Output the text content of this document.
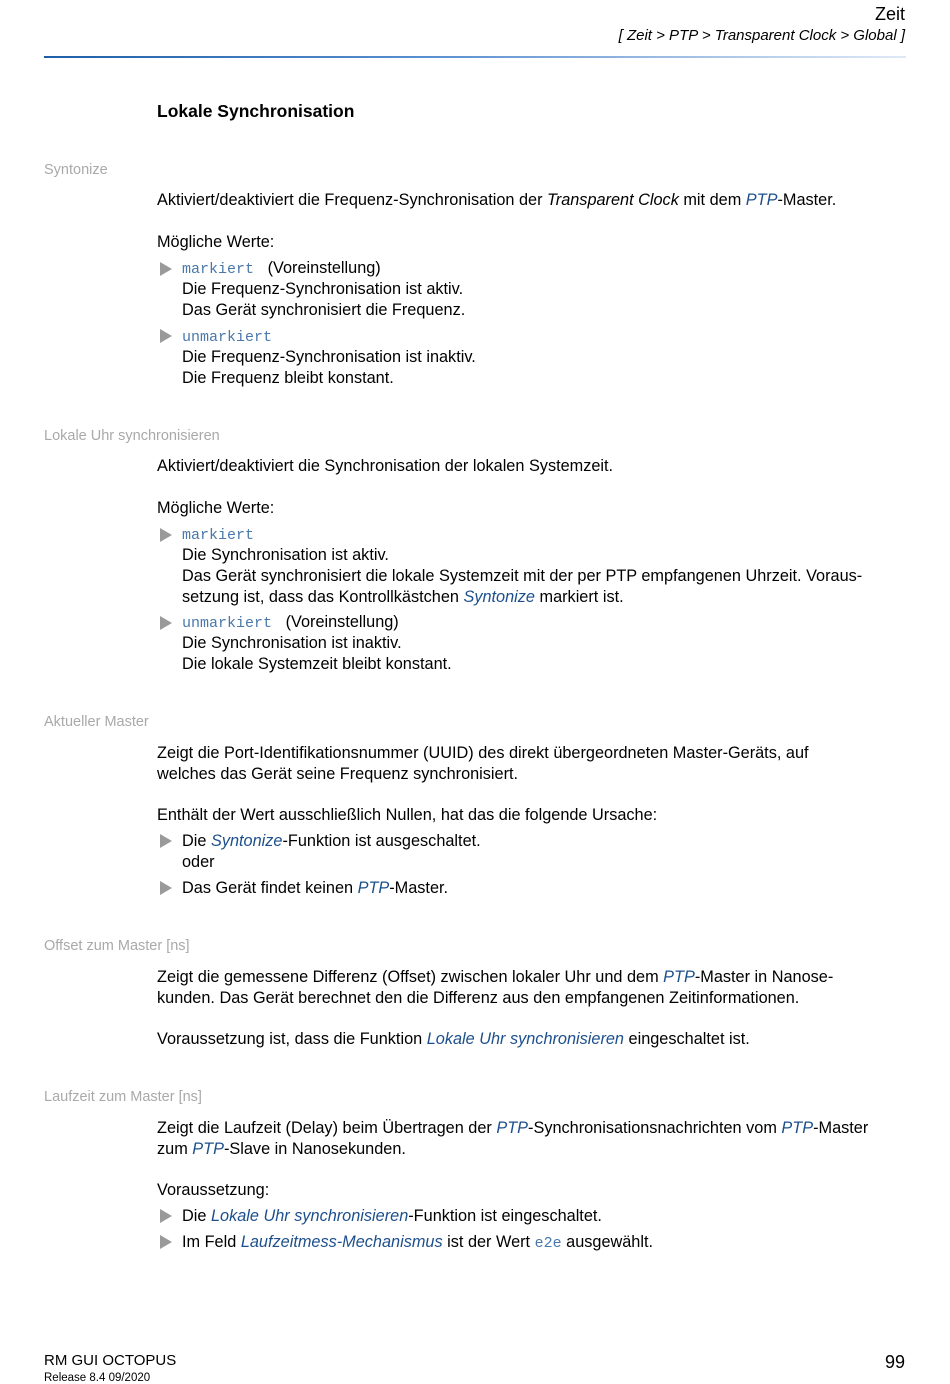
Zeit
[ Zeit > PTP > Transparent Clock > Global ]
Lokale Synchronisation
Syntonize
Aktiviert/deaktiviert die Frequenz-Synchronisation der Transparent Clock mit dem PTP-Master.
Mögliche Werte:
markiert (Voreinstellung)
Die Frequenz-Synchronisation ist aktiv.
Das Gerät synchronisiert die Frequenz.
unmarkiert
Die Frequenz-Synchronisation ist inaktiv.
Die Frequenz bleibt konstant.
Lokale Uhr synchronisieren
Aktiviert/deaktiviert die Synchronisation der lokalen Systemzeit.
Mögliche Werte:
markiert
Die Synchronisation ist aktiv.
Das Gerät synchronisiert die lokale Systemzeit mit der per PTP empfangenen Uhrzeit. Voraus-
setzung ist, dass das Kontrollkästchen Syntonize markiert ist.
unmarkiert (Voreinstellung)
Die Synchronisation ist inaktiv.
Die lokale Systemzeit bleibt konstant.
Aktueller Master
Zeigt die Port-Identifikationsnummer (UUID) des direkt übergeordneten Master-Geräts, auf
welches das Gerät seine Frequenz synchronisiert.
Enthält der Wert ausschließlich Nullen, hat das die folgende Ursache:
Die Syntonize-Funktion ist ausgeschaltet.
oder
Das Gerät findet keinen PTP-Master.
Offset zum Master [ns]
Zeigt die gemessene Differenz (Offset) zwischen lokaler Uhr und dem PTP-Master in Nanose-
kunden. Das Gerät berechnet den die Differenz aus den empfangenen Zeitinformationen.
Voraussetzung ist, dass die Funktion Lokale Uhr synchronisieren eingeschaltet ist.
Laufzeit zum Master [ns]
Zeigt die Laufzeit (Delay) beim Übertragen der PTP-Synchronisationsnachrichten vom PTP-Master
zum PTP-Slave in Nanosekunden.
Voraussetzung:
Die Lokale Uhr synchronisieren-Funktion ist eingeschaltet.
Im Feld Laufzeitmess-Mechanismus ist der Wert e2e ausgewählt.
RM GUI OCTOPUS
Release 8.4 09/2020
99
